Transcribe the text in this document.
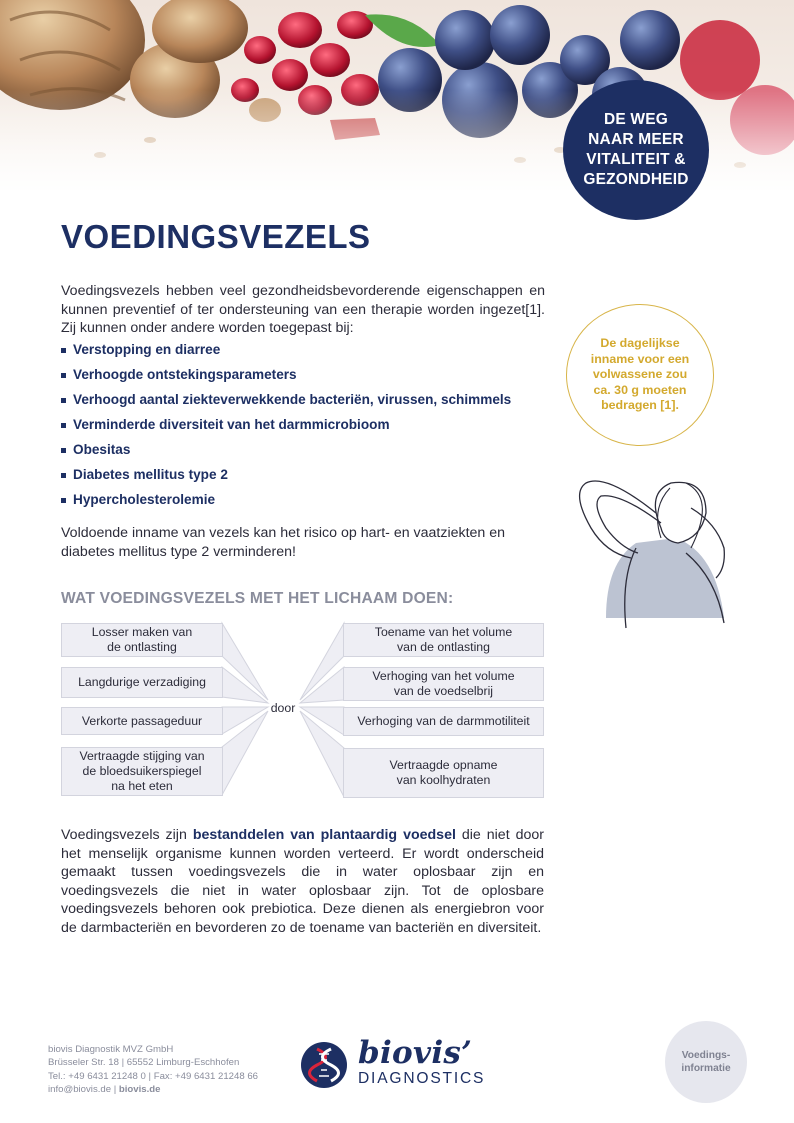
DE WEG
NAAR MEER
VITALITEIT &
GEZONDHEID
VOEDINGSVEZELS

Voedingsvezels hebben veel gezondheidsbevorderende eigenschappen en kunnen preventief of ter ondersteuning van een therapie worden ingezet[1]. Zij kunnen onder andere worden toegepast bij:

Verstopping en diarree
Verhoogde ontstekingsparameters
Verhoogd aantal ziekteverwekkende bacteriën, virussen, schimmels
Verminderde diversiteit van het darmmicrobioom
Obesitas
Diabetes mellitus type 2
Hypercholesterolemie

Voldoende inname van vezels kan het risico op hart- en vaatziekten en diabetes mellitus type 2 verminderen!

De dagelijkse
inname voor een
volwassene zou
ca. 30 g moeten
bedragen [1].
WAT VOEDINGSVEZELS MET HET LICHAAM DOEN:
Losser maken van
de ontlasting
Langdurige verzadiging
Verkorte passageduur
Vertraagde stijging van
de bloedsuikerspiegel
na het eten
door
Toename van het volume
van de ontlasting
Verhoging van het volume
van de voedselbrij
Verhoging van de darmmotiliteit
Vertraagde opname
van koolhydraten

Voedingsvezels zijn bestanddelen van plantaardig voedsel die niet door het menselijk organisme kunnen worden verteerd. Er wordt onderscheid gemaakt tussen voedingsvezels die in water oplosbaar zijn en voedingsvezels die niet in water oplosbaar zijn. Tot de oplosbare voedingsvezels behoren ook prebiotica. Deze dienen als energiebron voor de darmbacteriën en bevorderen zo de toename van bacteriën en diversiteit.

biovis Diagnostik MVZ GmbH
Brüsseler Str. 18 | 65552 Limburg-Eschhofen
Tel.: +49 6431 21248 0 | Fax: +49 6431 21248 66
info@biovis.de | biovis.de
biovis’
DIAGNOSTICS
Voedings-
informatie
